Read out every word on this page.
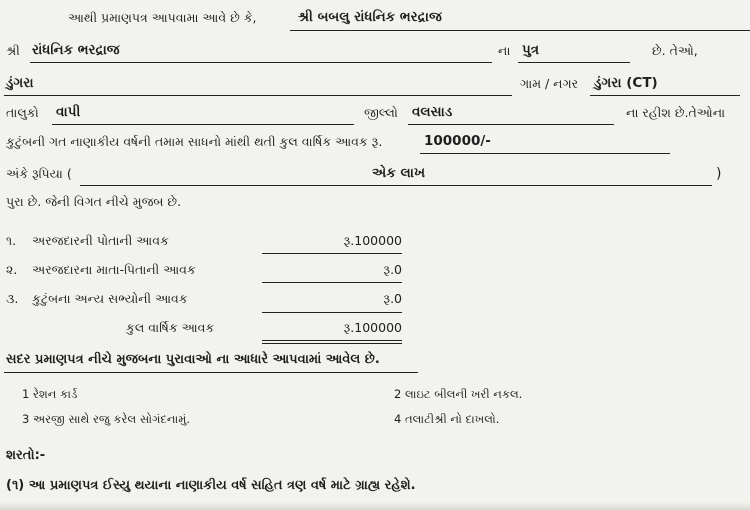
આથી પ્રમાણપત્ર આપવામા આવે છે કે,	શ્રી બબલુ રાંધનિક ભરદ્રાજ
શ્રી રાંધનિક ભરદ્રાજ	ના પુત્ર	છે. તેઓ,
ડુંગરા	ગામ / નગર ડુંગરા (CT)
તાલુકો વાપી	જીલ્લો વલસાડ	ના રહીશ છે.તેઓના
કુટુંબની ગત નાણાકીય વર્ષની તમામ સાધનો માંથી થતી કુલ વાર્ષિક આવક રૂ.	100000/-
અંકે રૂપિયા (	એક લાખ	)
પુરા છે. જેની વિગત નીચે મુજબ છે.
૧. અરજદારની પોતાની આવક	રૂ.100000
૨. અરજદારના માતા-પિતાની આવક	રૂ.0
૩. કુટુંબના અન્ય સભ્યોની આવક	રૂ.0
કુલ વાર્ષિક આવક	રૂ.100000
સદર પ્રમાણપત્ર નીચે મુજબના પુરાવાઓ ના આધારે આપવામાં આવેલ છે.
1 રેશન કાર્ડ	2 લાઇટ બીલની ખરી નકલ.
3 અરજી સાથે રજુ કરેલ સોગંદનામું.	4 તલાટીશ્રી નો દાખલો.
શરતો:-
(૧) આ પ્રમાણપત્ર ઈસ્યુ થયાના નાણાકીય વર્ષ સહિત ત્રણ વર્ષ માટે ગ્રાહ્ય રહેશે.
